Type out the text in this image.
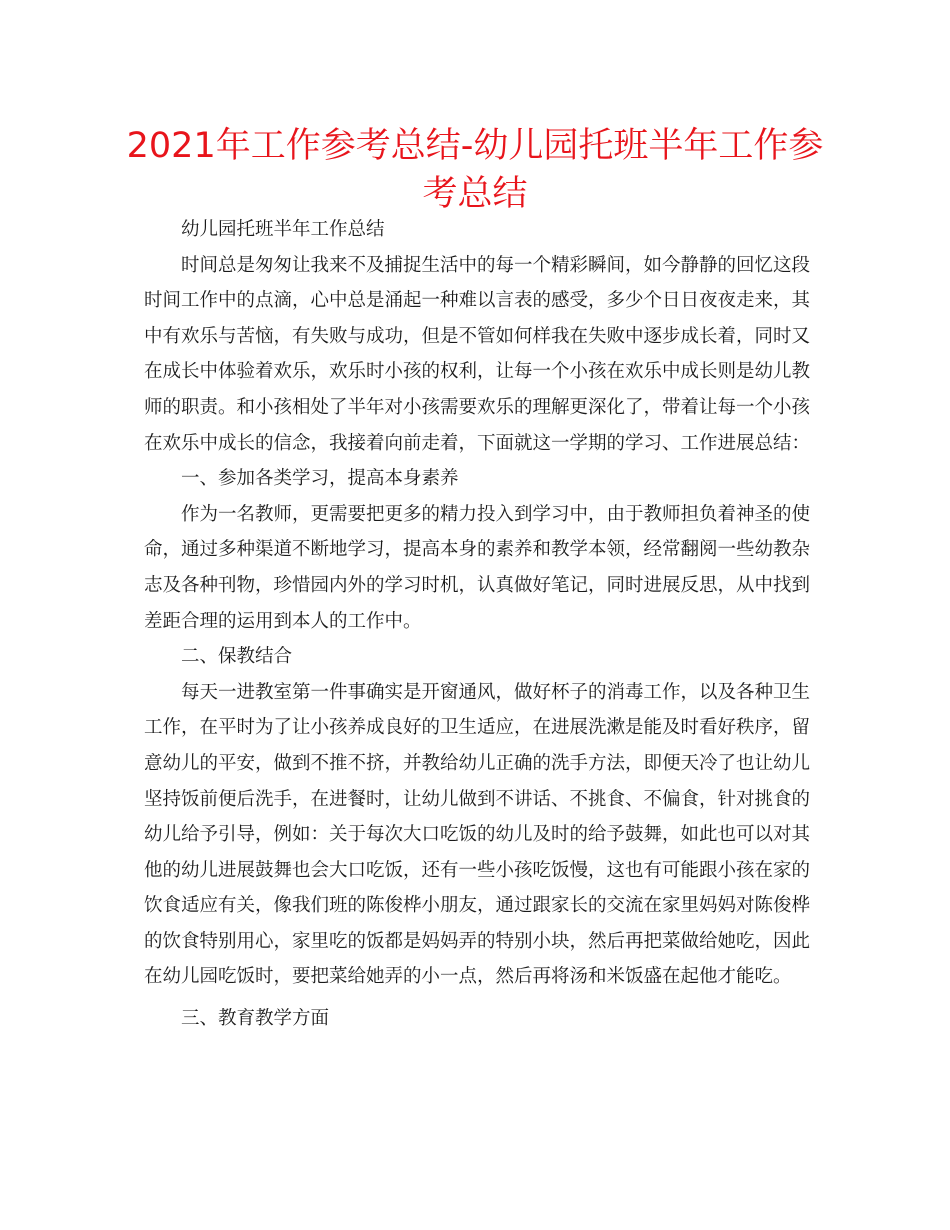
2021年工作参考总结-幼儿园托班半年工作参考总结

幼儿园托班半年工作总结

时间总是匆匆让我来不及捕捉生活中的每一个精彩瞬间，如今静静的回忆这段时间工作中的点滴，心中总是涌起一种难以言表的感受，多少个日日夜夜走来，其中有欢乐与苦恼，有失败与成功，但是不管如何样我在失败中逐步成长着，同时又在成长中体验着欢乐，欢乐时小孩的权利，让每一个小孩在欢乐中成长则是幼儿教师的职责。和小孩相处了半年对小孩需要欢乐的理解更深化了，带着让每一个小孩在欢乐中成长的信念，我接着向前走着，下面就这一学期的学习、工作进展总结：

一、参加各类学习，提高本身素养

作为一名教师，更需要把更多的精力投入到学习中，由于教师担负着神圣的使命，通过多种渠道不断地学习，提高本身的素养和教学本领，经常翻阅一些幼教杂志及各种刊物，珍惜园内外的学习时机，认真做好笔记，同时进展反思，从中找到差距合理的运用到本人的工作中。

二、保教结合

每天一进教室第一件事确实是开窗通风，做好杯子的消毒工作，以及各种卫生工作，在平时为了让小孩养成良好的卫生适应，在进展洗漱是能及时看好秩序，留意幼儿的平安，做到不推不挤，并教给幼儿正确的洗手方法，即便天冷了也让幼儿坚持饭前便后洗手，在进餐时，让幼儿做到不讲话、不挑食、不偏食，针对挑食的幼儿给予引导，例如：关于每次大口吃饭的幼儿及时的给予鼓舞，如此也可以对其他的幼儿进展鼓舞也会大口吃饭，还有一些小孩吃饭慢，这也有可能跟小孩在家的饮食适应有关，像我们班的陈俊桦小朋友，通过跟家长的交流在家里妈妈对陈俊桦的饮食特别用心，家里吃的饭都是妈妈弄的特别小块，然后再把菜做给她吃，因此在幼儿园吃饭时，要把菜给她弄的小一点，然后再将汤和米饭盛在起他才能吃。

三、教育教学方面
